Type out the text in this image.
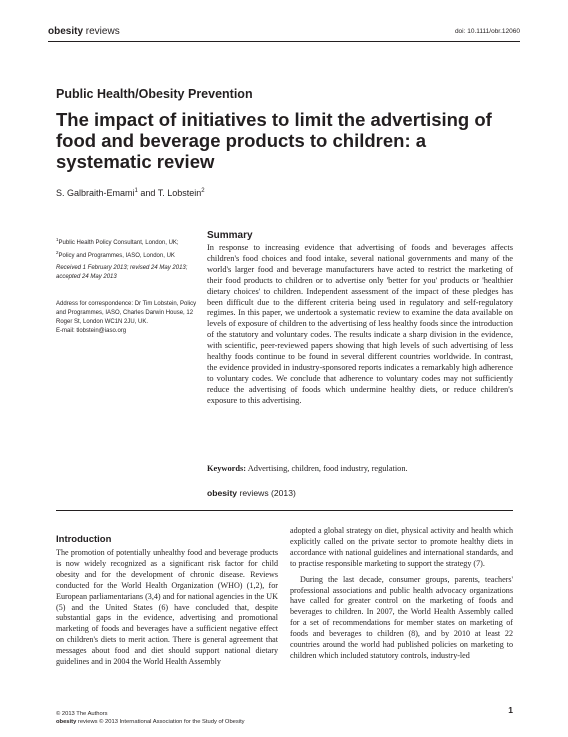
obesity reviews	doi: 10.1111/obr.12060
Public Health/Obesity Prevention
The impact of initiatives to limit the advertising of food and beverage products to children: a systematic review
S. Galbraith-Emami$^1$ and T. Lobstein$^2$

$^1$Public Health Policy Consultant, London, UK;

$^2$Policy and Programmes, IASO, London, UK

Received 1 February 2013; revised 24 May 2013; accepted 24 May 2013

Address for correspondence: Dr Tim Lobstein, Policy and Programmes, IASO, Charles Darwin House, 12 Roger St, London WC1N 2JU, UK.

E-mail: tlobstein@iaso.org

Summary
In response to increasing evidence that advertising of foods and beverages affects children's food choices and food intake, several national governments and many of the world's larger food and beverage manufacturers have acted to restrict the marketing of their food products to children or to advertise only 'better for you' products or 'healthier dietary choices' to children. Independent assessment of the impact of these pledges has been difficult due to the different criteria being used in regulatory and self-regulatory regimes. In this paper, we undertook a systematic review to examine the data available on levels of exposure of children to the advertising of less healthy foods since the introduction of the statutory and voluntary codes. The results indicate a sharp division in the evidence, with scientific, peer-reviewed papers showing that high levels of such advertising of less healthy foods continue to be found in several different countries worldwide. In contrast, the evidence provided in industry-sponsored reports indicates a remarkably high adherence to voluntary codes. We conclude that adherence to voluntary codes may not sufficiently reduce the advertising of foods which undermine healthy diets, or reduce children's exposure to this advertising.
Keywords: Advertising, children, food industry, regulation.
obesity reviews (2013)
Introduction

The promotion of potentially unhealthy food and beverage products is now widely recognized as a significant risk factor for child obesity and for the development of chronic disease. Reviews conducted for the World Health Organization (WHO) (1,2), for European parliamentarians (3,4) and for national agencies in the UK (5) and the United States (6) have concluded that, despite substantial gaps in the evidence, advertising and promotional marketing of foods and beverages have a sufficient negative effect on children's diets to merit action. There is general agreement that messages about food and diet should support national dietary guidelines and in 2004 the World Health Assembly

adopted a global strategy on diet, physical activity and health which explicitly called on the private sector to promote healthy diets in accordance with national guidelines and international standards, and to practise responsible marketing to support the strategy (7).

During the last decade, consumer groups, parents, teachers' professional associations and public health advocacy organizations have called for greater control on the marketing of foods and beverages to children. In 2007, the World Health Assembly called for a set of recommendations for member states on marketing of foods and beverages to children (8), and by 2010 at least 22 countries around the world had published policies on marketing to children which included statutory controls, industry-led

© 2013 The Authors

obesity reviews © 2013 International Association for the Study of Obesity

1
